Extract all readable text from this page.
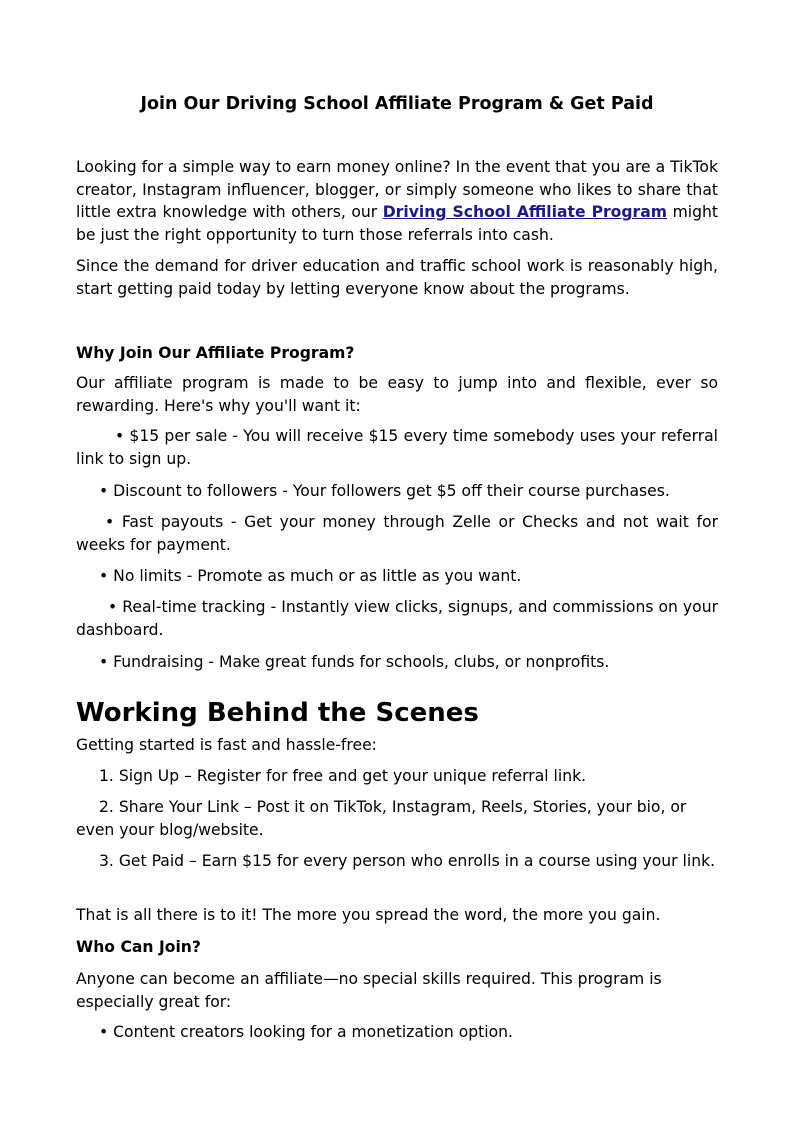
Join Our Driving School Affiliate Program & Get Paid

Looking for a simple way to earn money online? In the event that you are a TikTok creator, Instagram influencer, blogger, or simply someone who likes to share that little extra knowledge with others, our Driving School Affiliate Program might be just the right opportunity to turn those referrals into cash.

Since the demand for driver education and traffic school work is reasonably high, start getting paid today by letting everyone know about the programs.

Why Join Our Affiliate Program?

Our affiliate program is made to be easy to jump into and flexible, ever so rewarding. Here's why you'll want it:

• $15 per sale - You will receive $15 every time somebody uses your referral link to sign up.

• Discount to followers - Your followers get $5 off their course purchases.

• Fast payouts - Get your money through Zelle or Checks and not wait for weeks for payment.

• No limits - Promote as much or as little as you want.

• Real-time tracking - Instantly view clicks, signups, and commissions on your dashboard.

• Fundraising - Make great funds for schools, clubs, or nonprofits.

Working Behind the Scenes

Getting started is fast and hassle-free:

1. Sign Up – Register for free and get your unique referral link.

2. Share Your Link – Post it on TikTok, Instagram, Reels, Stories, your bio, or even your blog/website.

3. Get Paid – Earn $15 for every person who enrolls in a course using your link.

That is all there is to it! The more you spread the word, the more you gain.

Who Can Join?

Anyone can become an affiliate—no special skills required. This program is especially great for:

• Content creators looking for a monetization option.
